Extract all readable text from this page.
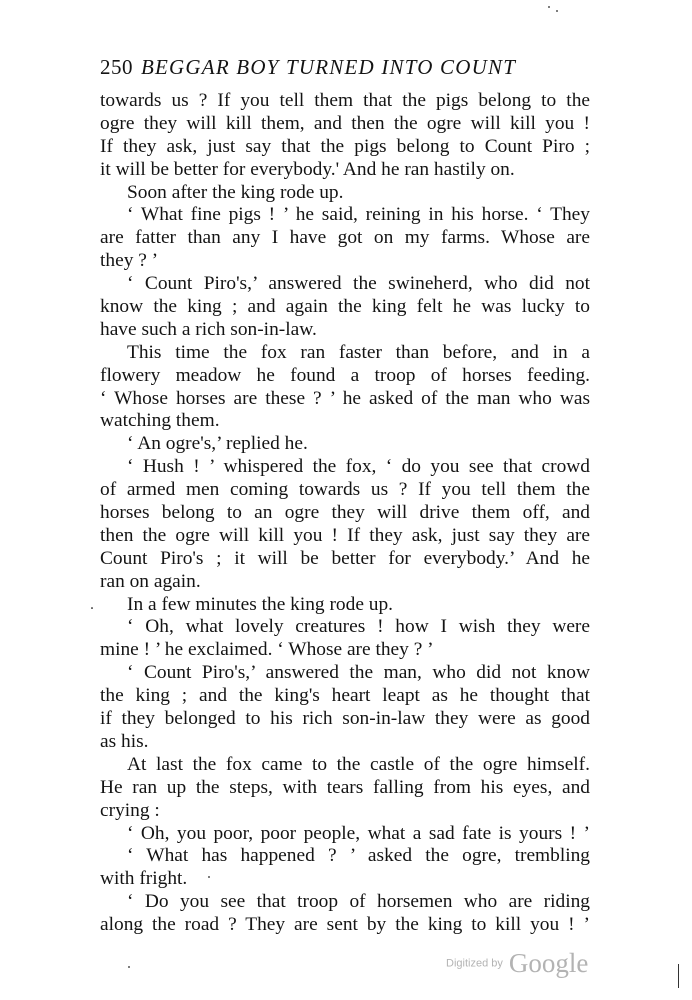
250 BEGGAR BOY TURNED INTO COUNT
towards us ? If you tell them that the pigs belong to the
ogre they will kill them, and then the ogre will kill you !
If they ask, just say that the pigs belong to Count Piro ;
it will be better for everybody.' And he ran hastily on.
Soon after the king rode up.
‘ What fine pigs ! ’ he said, reining in his horse. ‘ They
are fatter than any I have got on my farms. Whose are
they ? ’
‘ Count Piro's,’ answered the swineherd, who did not
know the king ; and again the king felt he was lucky to
have such a rich son-in-law.
This time the fox ran faster than before, and in a
flowery meadow he found a troop of horses feeding.
‘ Whose horses are these ? ’ he asked of the man who was
watching them.
‘ An ogre's,’ replied he.
‘ Hush ! ’ whispered the fox, ‘ do you see that crowd
of armed men coming towards us ? If you tell them the
horses belong to an ogre they will drive them off, and
then the ogre will kill you ! If they ask, just say they are
Count Piro's ; it will be better for everybody.’ And he
ran on again.
. In a few minutes the king rode up.
‘ Oh, what lovely creatures ! how I wish they were
mine ! ’ he exclaimed. ‘ Whose are they ? ’
‘ Count Piro's,’ answered the man, who did not know
the king ; and the king's heart leapt as he thought that
if they belonged to his rich son-in-law they were as good
as his.
At last the fox came to the castle of the ogre himself.
He ran up the steps, with tears falling from his eyes, and
crying :
‘ Oh, you poor, poor people, what a sad fate is yours ! ’
‘ What has happened ? ’ asked the ogre, trembling
with fright.
‘ Do you see that troop of horsemen who are riding
along the road ? They are sent by the king to kill you ! ’
Digitized by Google
